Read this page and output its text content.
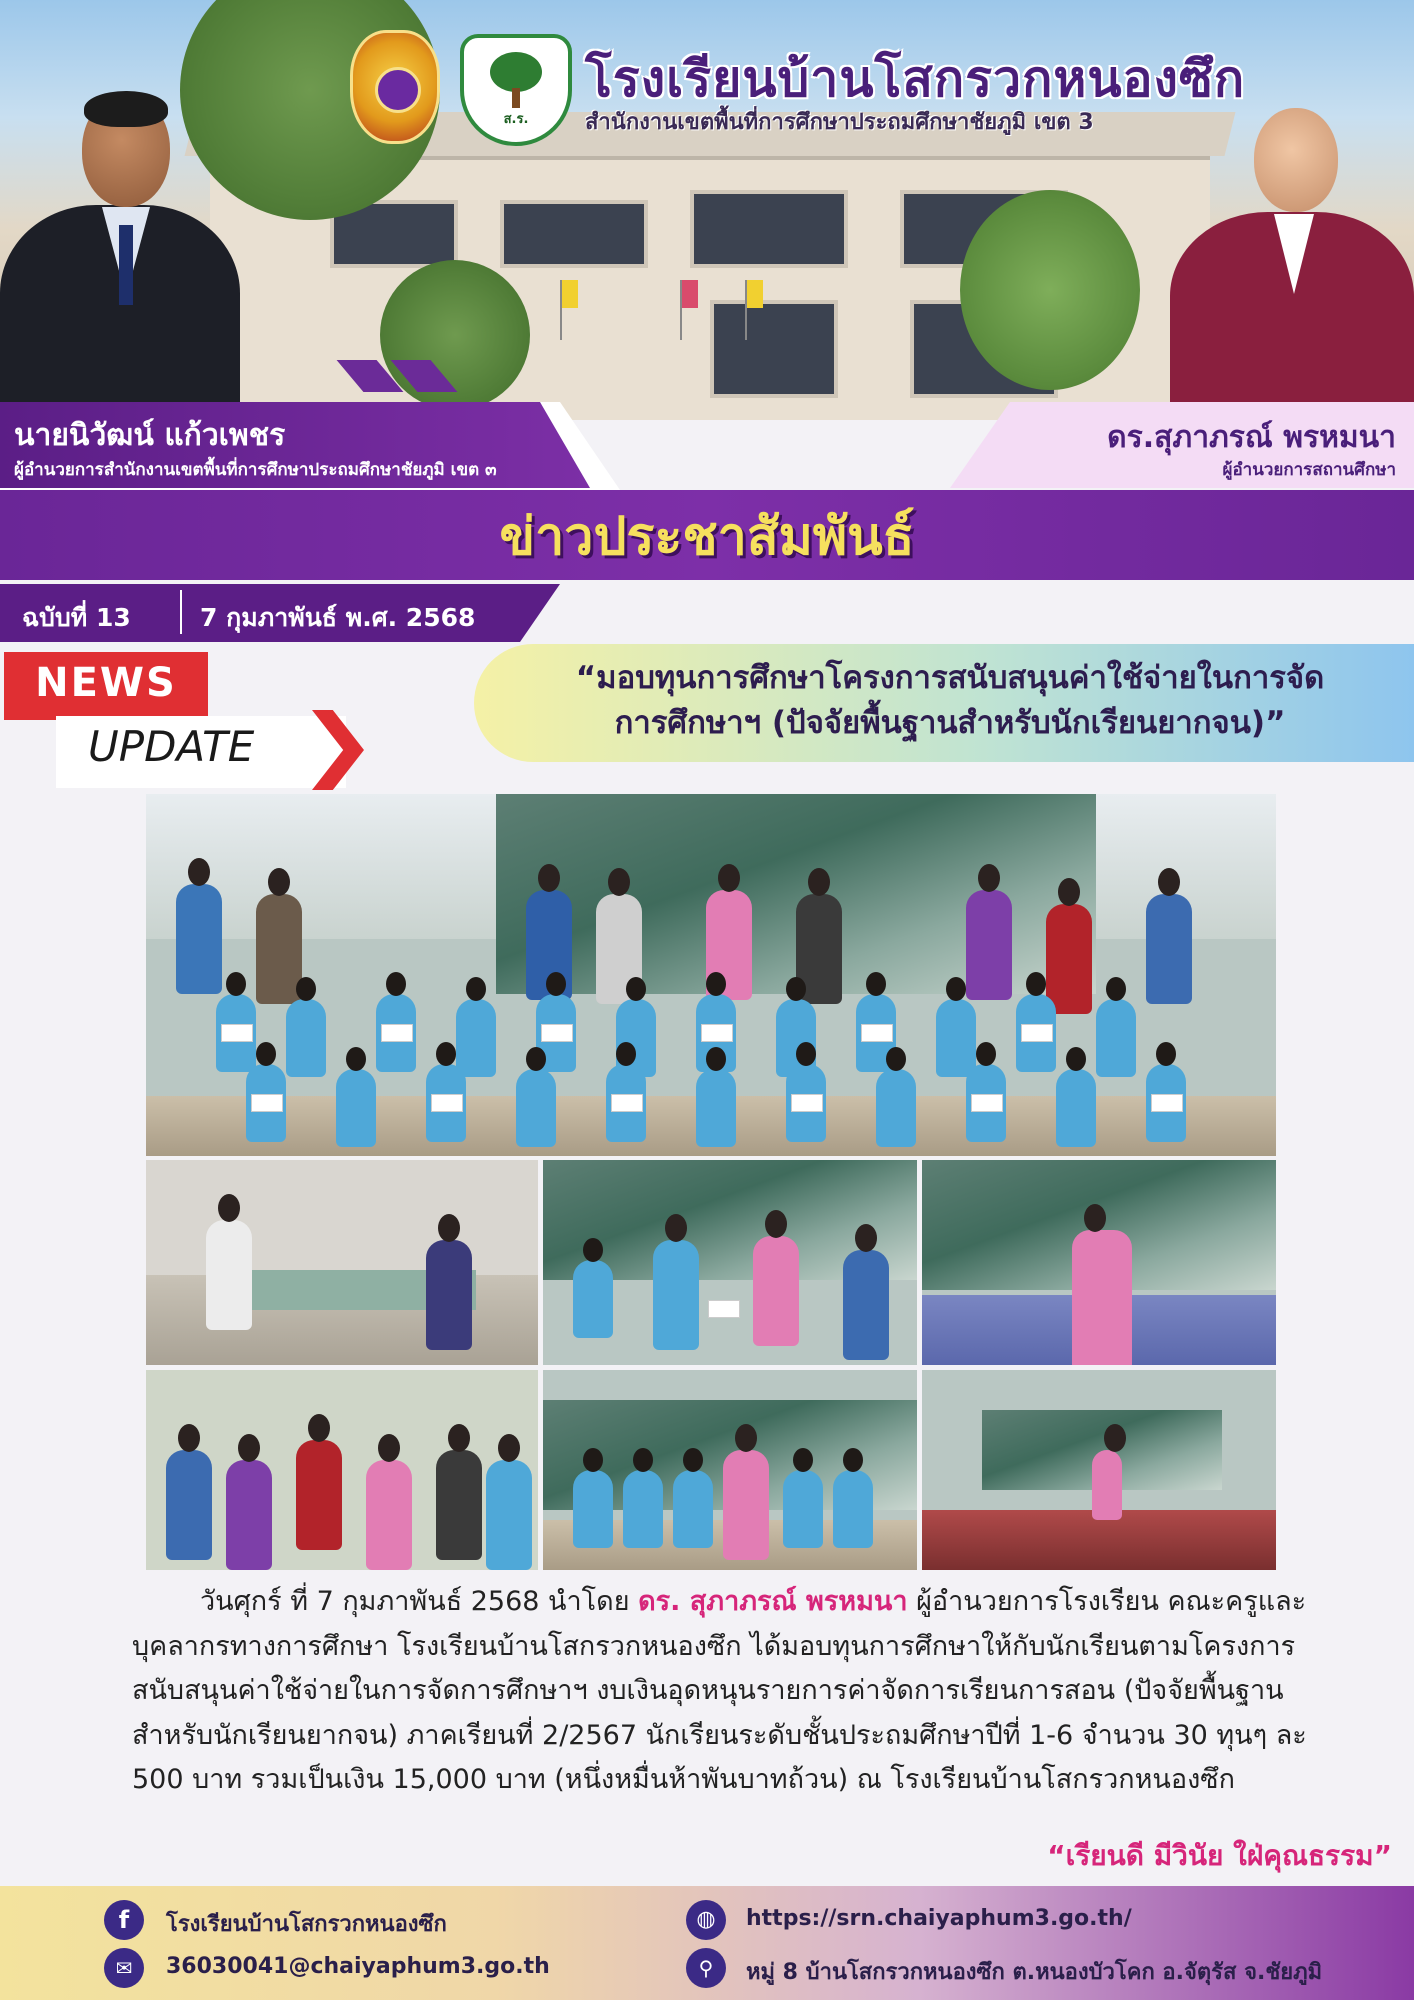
ส.ร.
โรงเรียนบ้านโสกรวกหนองซึก
สำนักงานเขตพื้นที่การศึกษาประถมศึกษาชัยภูมิ เขต 3
นายนิวัฒน์ แก้วเพชร
ผู้อำนวยการสำนักงานเขตพื้นที่การศึกษาประถมศึกษาชัยภูมิ เขต ๓
ดร.สุภาภรณ์ พรหมนา
ผู้อำนวยการสถานศึกษา
ข่าวประชาสัมพันธ์
ฉบับที่ 13	7 กุมภาพันธ์ พ.ศ. 2568
NEWS
UPDATE
“มอบทุนการศึกษาโครงการสนับสนุนค่าใช้จ่ายในการจัด
การศึกษาฯ (ปัจจัยพื้นฐานสำหรับนักเรียนยากจน)”
วันศุกร์ ที่ 7 กุมภาพันธ์ 2568 นำโดย ดร. สุภาภรณ์ พรหมนา ผู้อำนวยการโรงเรียน คณะครูและบุคลากรทางการศึกษา โรงเรียนบ้านโสกรวกหนองซึก ได้มอบทุนการศึกษาให้กับนักเรียนตามโครงการสนับสนุนค่าใช้จ่ายในการจัดการศึกษาฯ งบเงินอุดหนุนรายการค่าจัดการเรียนการสอน (ปัจจัยพื้นฐานสำหรับนักเรียนยากจน) ภาคเรียนที่ 2/2567 นักเรียนระดับชั้นประถมศึกษาปีที่ 1-6 จำนวน 30 ทุนๆ ละ 500 บาท รวมเป็นเงิน 15,000 บาท (หนึ่งหมื่นห้าพันบาทถ้วน) ณ โรงเรียนบ้านโสกรวกหนองซึก
“เรียนดี มีวินัย ใฝ่คุณธรรม”
f	โรงเรียนบ้านโสกรวกหนองซึก
✉	36030041@chaiyaphum3.go.th
◍	https://srn.chaiyaphum3.go.th/
⚲	หมู่ 8 บ้านโสกรวกหนองซึก ต.หนองบัวโคก อ.จัตุรัส จ.ชัยภูมิ
